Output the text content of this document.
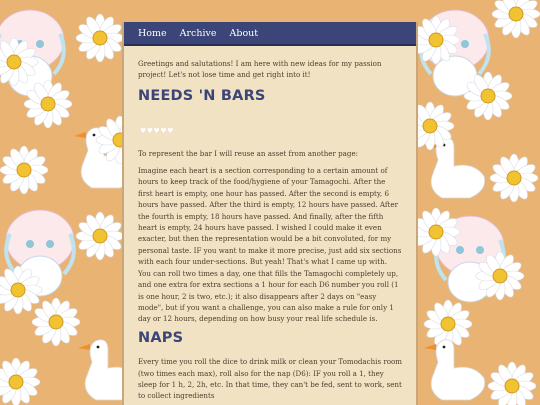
Home Archive About

Greetings and salutations! I am here with new ideas for my passion project! Let's not lose time and get right into it!

NEEDS 'N BARS
♥♥♥♥♥

To represent the bar I will reuse an asset from another page:

Imagine each heart is a section corresponding to a certain amount of hours to keep track of the food/hygiene of your Tamagochi. After the first heart is empty, one hour has passed. After the second is empty, 6 hours have passed. After the third is empty, 12 hours have passed. After the fourth is empty, 18 hours have passed. And finally, after the fifth heart is empty, 24 hours have passed. I wished I could make it even exacter, but then the representation would be a bit convoluted, for my personal taste. IF you want to make it more precise, just add six sections with each four under-sections. But yeah! That's what I came up with. You can roll two times a day, one that fills the Tamagochi completely up, and one extra for extra sections a 1 hour for each D6 number you roll (1 is one hour, 2 is two, etc.); it also disappears after 2 days on "easy mode", but if you want a challenge, you can also make a rule for only 1 day or 12 hours, depending on how busy your real life schedule is.

NAPS

Every time you roll the dice to drink milk or clean your Tomodachis room (two times each max), roll also for the nap (D6): IF you roll a 1, they sleep for 1 h, 2, 2h, etc. In that time, they can't be fed, sent to work, sent to collect ingredients
